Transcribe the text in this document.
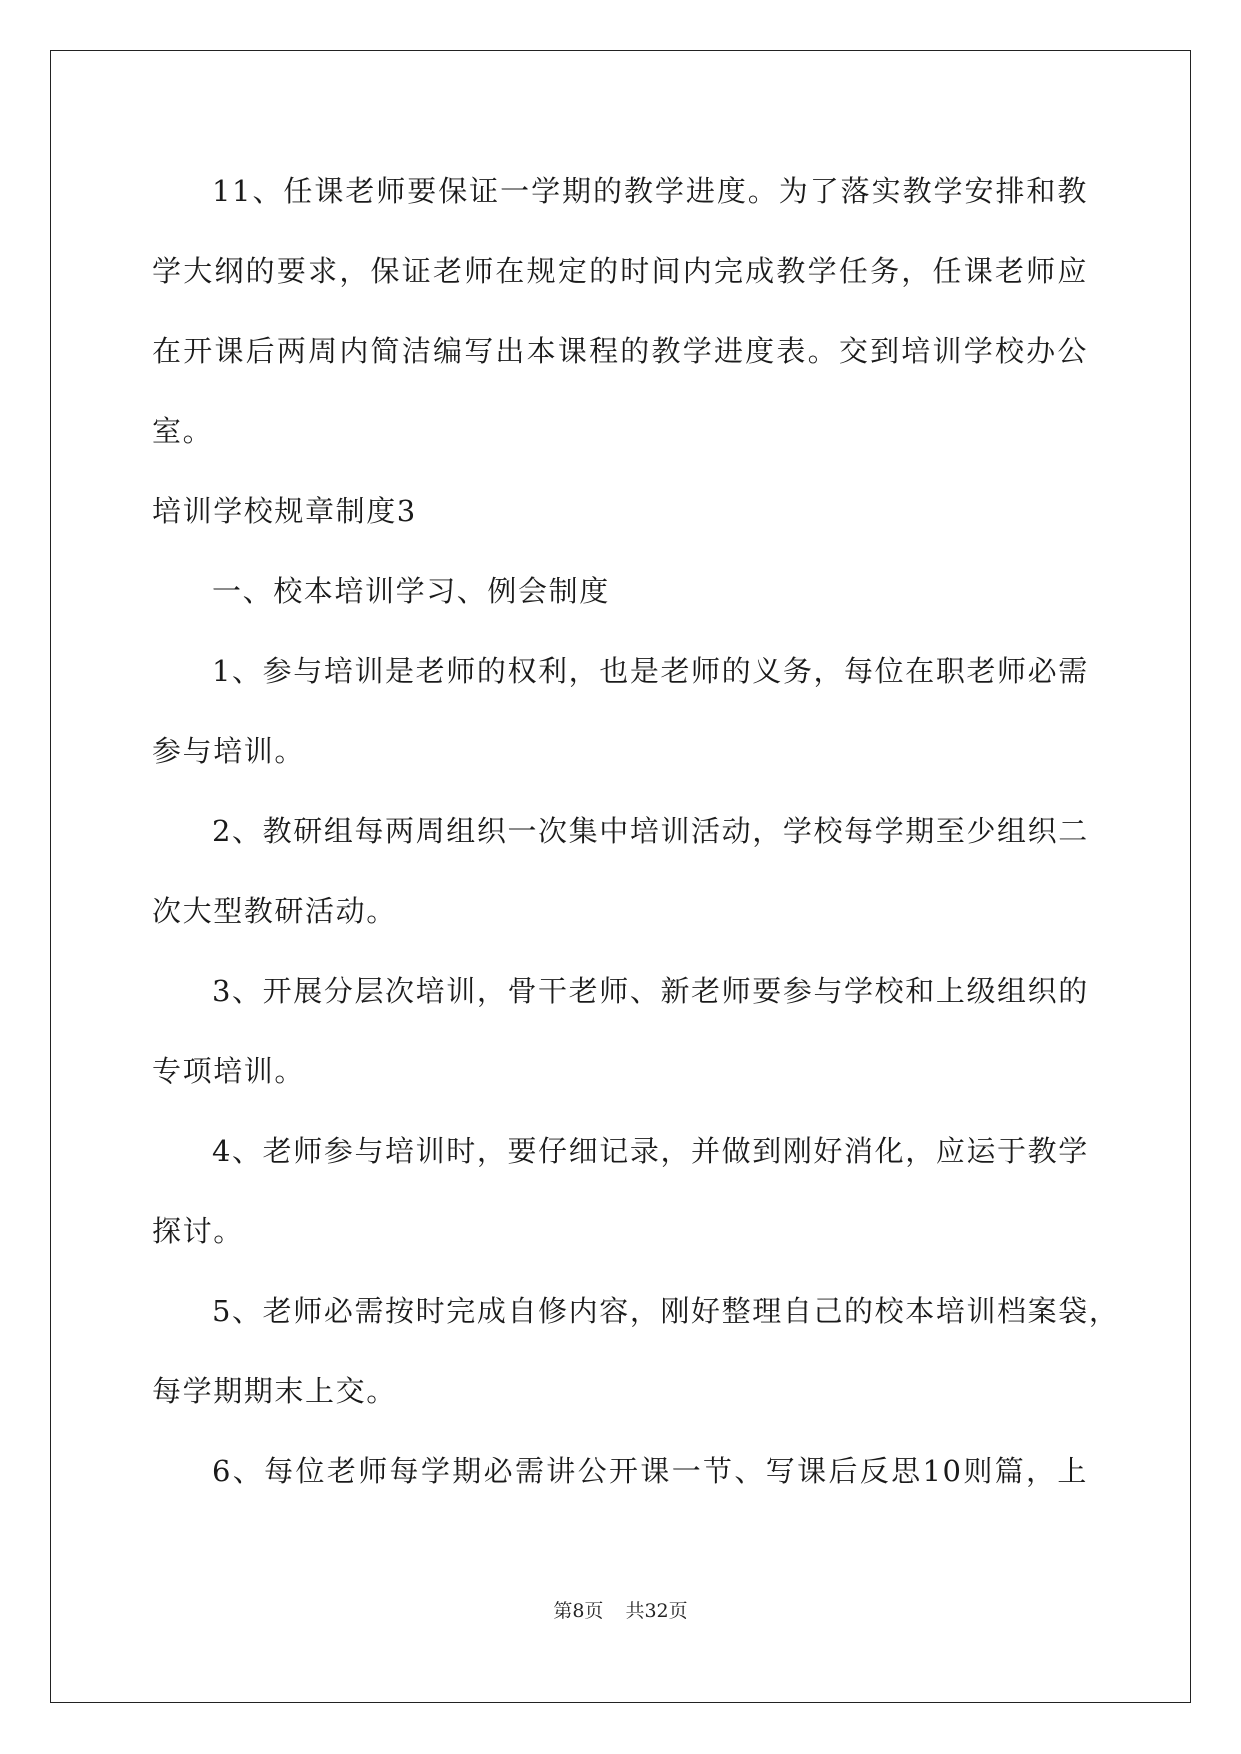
11、任课老师要保证一学期的教学进度。为了落实教学安排和教
学大纲的要求，保证老师在规定的时间内完成教学任务，任课老师应
在开课后两周内简洁编写出本课程的教学进度表。交到培训学校办公
室。
培训学校规章制度3
一、校本培训学习、例会制度
1、参与培训是老师的权利，也是老师的义务，每位在职老师必需
参与培训。
2、教研组每两周组织一次集中培训活动，学校每学期至少组织二
次大型教研活动。
3、开展分层次培训，骨干老师、新老师要参与学校和上级组织的
专项培训。
4、老师参与培训时，要仔细记录，并做到刚好消化，应运于教学
探讨。
5、老师必需按时完成自修内容，刚好整理自己的校本培训档案袋，
每学期期末上交。
6、每位老师每学期必需讲公开课一节、写课后反思10则篇，上
第8页 共32页
